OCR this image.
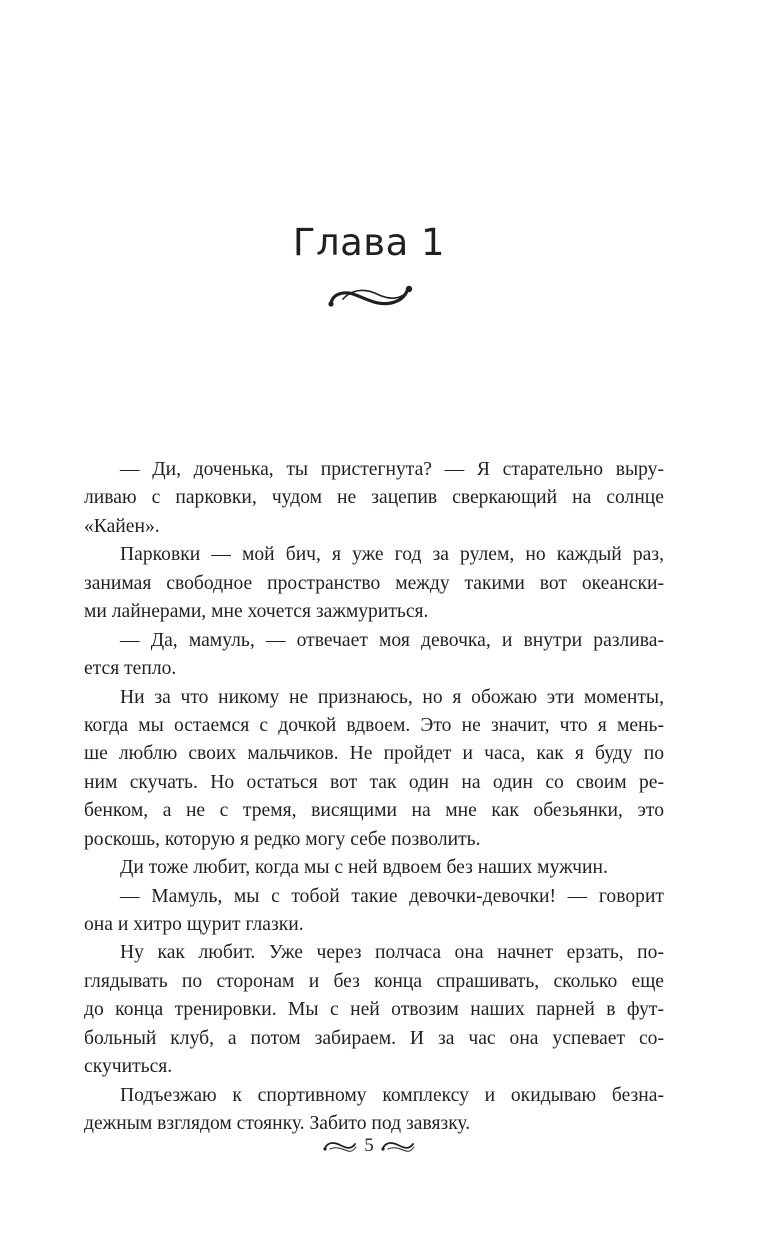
Глава 1
— Ди, доченька, ты пристегнута? — Я старательно выру-
ливаю с парковки, чудом не зацепив сверкающий на солнце
«Кайен».
Парковки — мой бич, я уже год за рулем, но каждый раз,
занимая свободное пространство между такими вот океански-
ми лайнерами, мне хочется зажмуриться.
— Да, мамуль, — отвечает моя девочка, и внутри разлива-
ется тепло.
Ни за что никому не признаюсь, но я обожаю эти моменты,
когда мы остаемся с дочкой вдвоем. Это не значит, что я мень-
ше люблю своих мальчиков. Не пройдет и часа, как я буду по
ним скучать. Но остаться вот так один на один со своим ре-
бенком, а не с тремя, висящими на мне как обезьянки, это
роскошь, которую я редко могу себе позволить.
Ди тоже любит, когда мы с ней вдвоем без наших мужчин.
— Мамуль, мы с тобой такие девочки-девочки! — говорит
она и хитро щурит глазки.
Ну как любит. Уже через полчаса она начнет ерзать, по-
глядывать по сторонам и без конца спрашивать, сколько еще
до конца тренировки. Мы с ней отвозим наших парней в фут-
больный клуб, а потом забираем. И за час она успевает со-
скучиться.
Подъезжаю к спортивному комплексу и окидываю безна-
дежным взглядом стоянку. Забито под завязку.
5
